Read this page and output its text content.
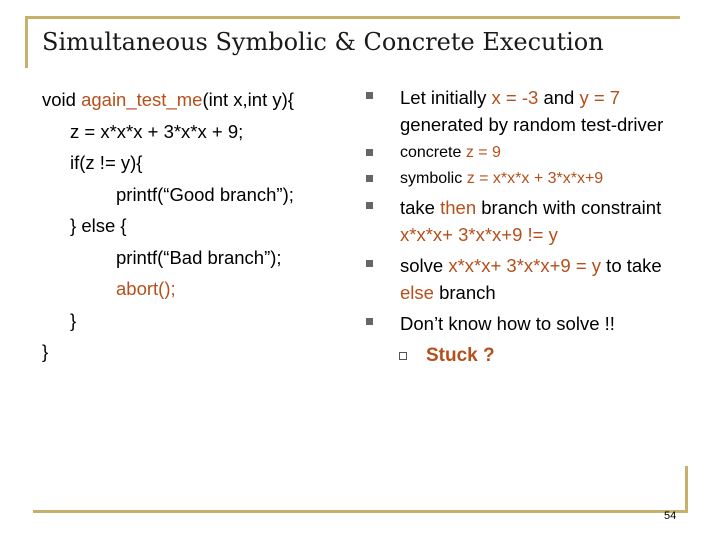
Simultaneous Symbolic & Concrete Execution
void again_test_me(int x,int y){
z = x*x*x + 3*x*x + 9;
if(z != y){
printf(“Good branch”);
} else {
printf(“Bad branch”);
abort();
}
}
Let initially x = -3 and y = 7 generated by random test-driver
concrete z = 9
symbolic z = x*x*x + 3*x*x+9
take then branch with constraint x*x*x+ 3*x*x+9 != y
solve x*x*x+ 3*x*x+9 = y to take else branch
Don’t know how to solve !!
Stuck ?
54
